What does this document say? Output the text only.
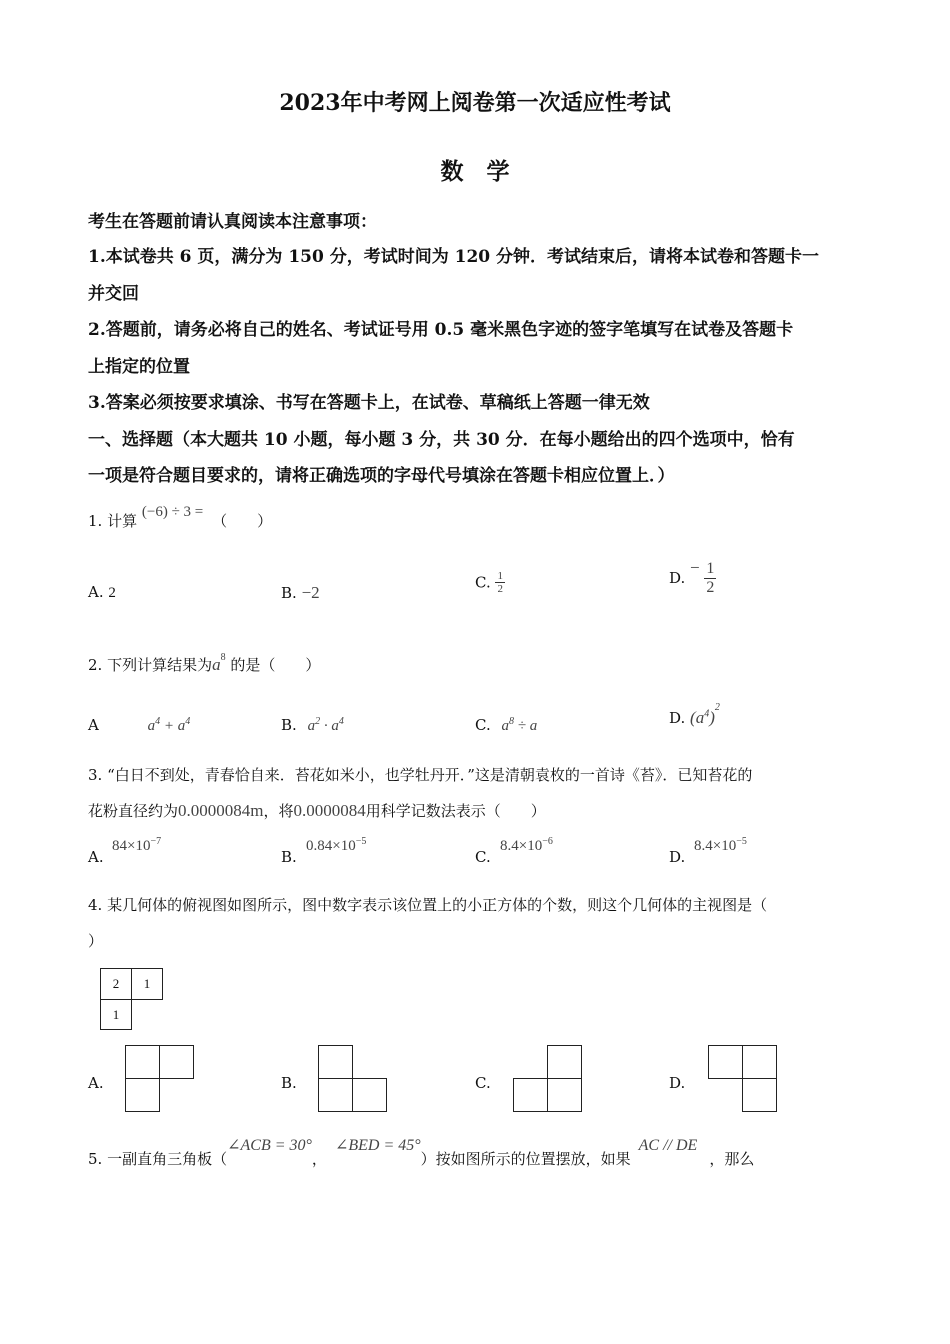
2023年中考网上阅卷第一次适应性考试
数　学
考生在答题前请认真阅读本注意事项：
1.本试卷共 6 页，满分为 150 分，考试时间为 120 分钟．考试结束后，请将本试卷和答题卡一
并交回
2.答题前，请务必将自己的姓名、考试证号用 0.5 毫米黑色字迹的签字笔填写在试卷及答题卡
上指定的位置
3.答案必须按要求填涂、书写在答题卡上，在试卷、草稿纸上答题一律无效
一、选择题（本大题共 10 小题，每小题 3 分，共 30 分．在每小题给出的四个选项中，恰有
一项是符合题目要求的，请将正确选项的字母代号填涂在答题卡相应位置上．）
1. 计算 (−6) ÷ 3 = （　　）
A. 2	B. −2
C. $\frac{1}{2}$	D. − $\frac{1}{2}$
2. 下列计算结果为$a^8$ 的是（　　）
A	$a^4 + a^4$	B. $a^2 \cdot a^4$	C. $a^8 \div a$	D. $(a^4)^2$
3. “白日不到处，青春恰自来．苔花如米小，也学牡丹开．”这是清朝袁枚的一首诗《苔》．已知苔花的
花粉直径约为0.0000084m，将0.0000084用科学记数法表示（　　）
A.
$84\times 10^{-7}$
B.
$0.84\times 10^{-5}$
C.
$8.4\times 10^{-6}$
D.
$8.4\times 10^{-5}$
4. 某几何体的俯视图如图所示，图中数字表示该位置上的小正方体的个数，则这个几何体的主视图是（
）
2	1
1
A.	B.	C.	D.
5. 一副直角三角板（∠ACB = 30°，∠BED = 45°）按如图所示的位置摆放，如果AC // DE，那么
